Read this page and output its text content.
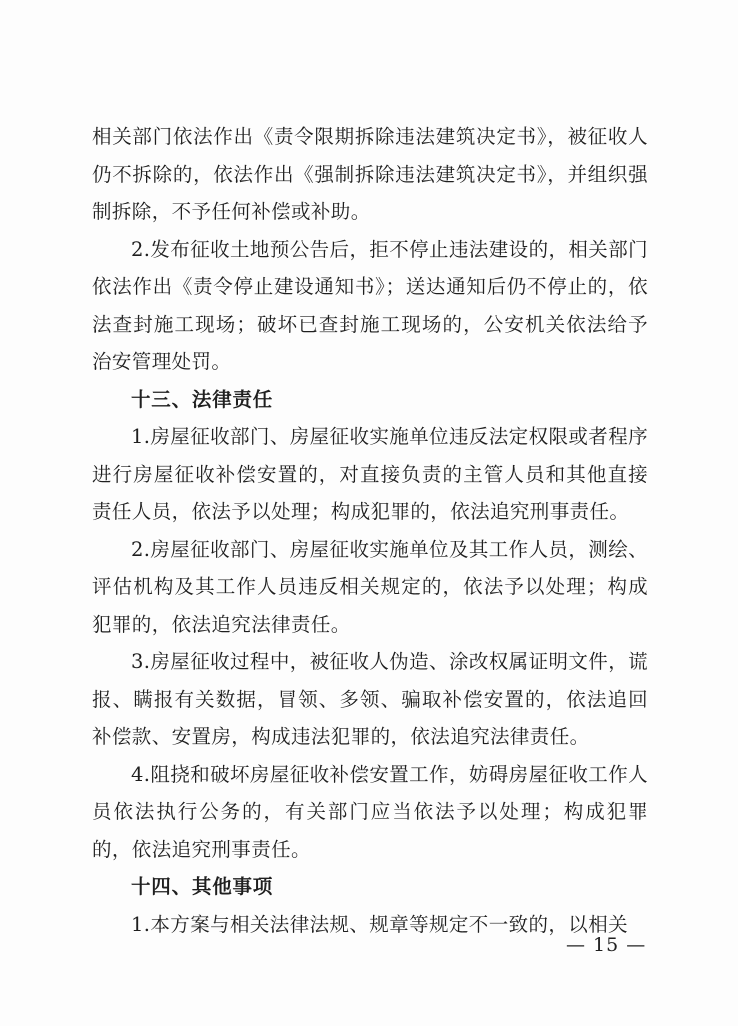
相关部门依法作出《责令限期拆除违法建筑决定书》，被征收人仍不拆除的，依法作出《强制拆除违法建筑决定书》，并组织强制拆除，不予任何补偿或补助。

2.发布征收土地预公告后，拒不停止违法建设的，相关部门依法作出《责令停止建设通知书》；送达通知后仍不停止的，依法查封施工现场；破坏已查封施工现场的，公安机关依法给予治安管理处罚。

十三、法律责任

1.房屋征收部门、房屋征收实施单位违反法定权限或者程序进行房屋征收补偿安置的，对直接负责的主管人员和其他直接责任人员，依法予以处理；构成犯罪的，依法追究刑事责任。

2.房屋征收部门、房屋征收实施单位及其工作人员，测绘、评估机构及其工作人员违反相关规定的，依法予以处理；构成犯罪的，依法追究法律责任。

3.房屋征收过程中，被征收人伪造、涂改权属证明文件，谎报、瞒报有关数据，冒领、多领、骗取补偿安置的，依法追回补偿款、安置房，构成违法犯罪的，依法追究法律责任。

4.阻挠和破坏房屋征收补偿安置工作，妨碍房屋征收工作人员依法执行公务的，有关部门应当依法予以处理；构成犯罪的，依法追究刑事责任。

十四、其他事项

1.本方案与相关法律法规、规章等规定不一致的，以相关

— 15 —
